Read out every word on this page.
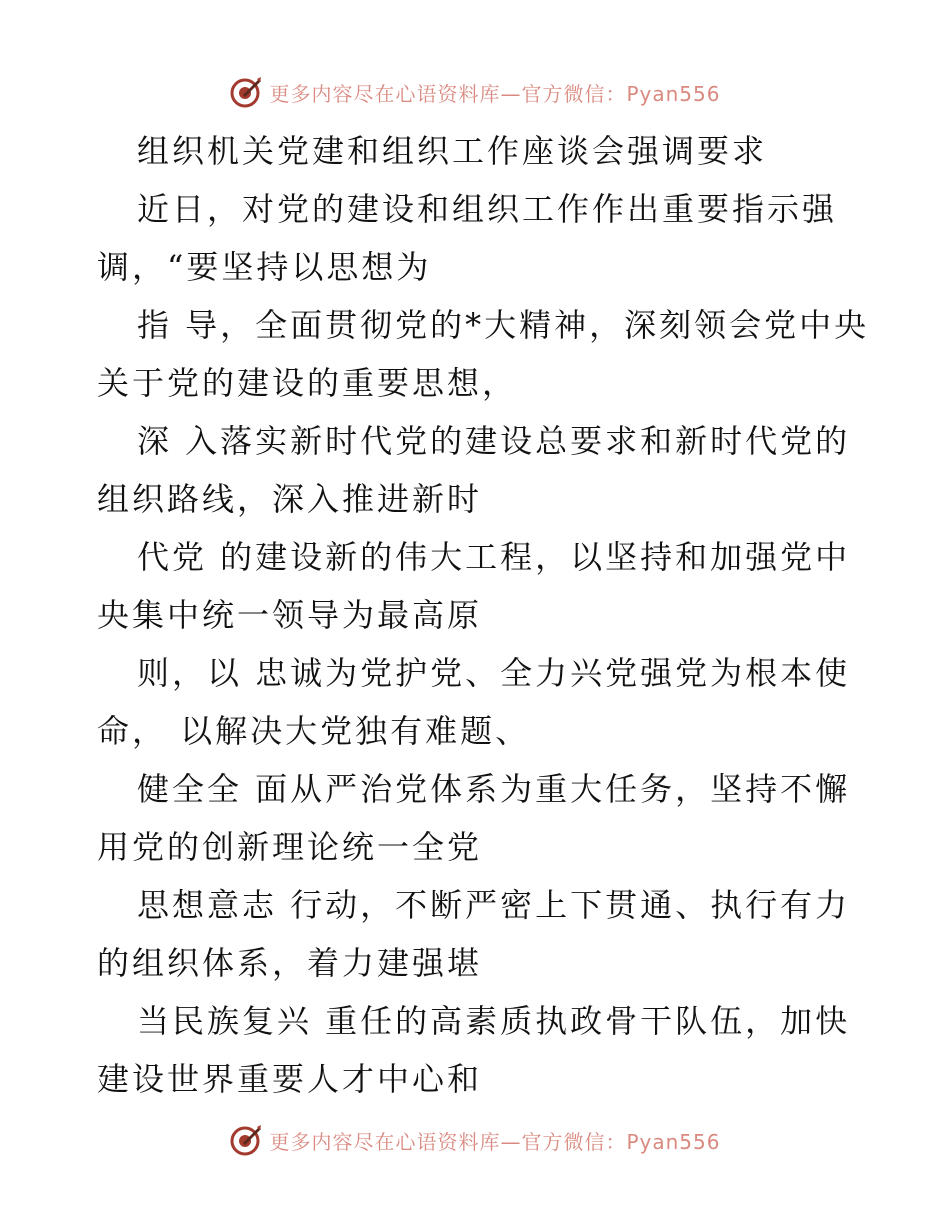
更多内容尽在心语资料库—官方微信：Pyan556
组织机关党建和组织工作座谈会强调要求
近日，对党的建设和组织工作作出重要指示强
调，“要坚持以思想为
指 导，全面贯彻党的*大精神，深刻领会党中央
关于党的建设的重要思想，
深 入落实新时代党的建设总要求和新时代党的
组织路线，深入推进新时
代党 的建设新的伟大工程，以坚持和加强党中
央集中统一领导为最高原
则，以 忠诚为党护党、全力兴党强党为根本使
命， 以解决大党独有难题、
健全全 面从严治党体系为重大任务，坚持不懈
用党的创新理论统一全党
思想意志 行动，不断严密上下贯通、执行有力
的组织体系，着力建强堪
当民族复兴 重任的高素质执政骨干队伍，加快
建设世界重要人才中心和
更多内容尽在心语资料库—官方微信：Pyan556
